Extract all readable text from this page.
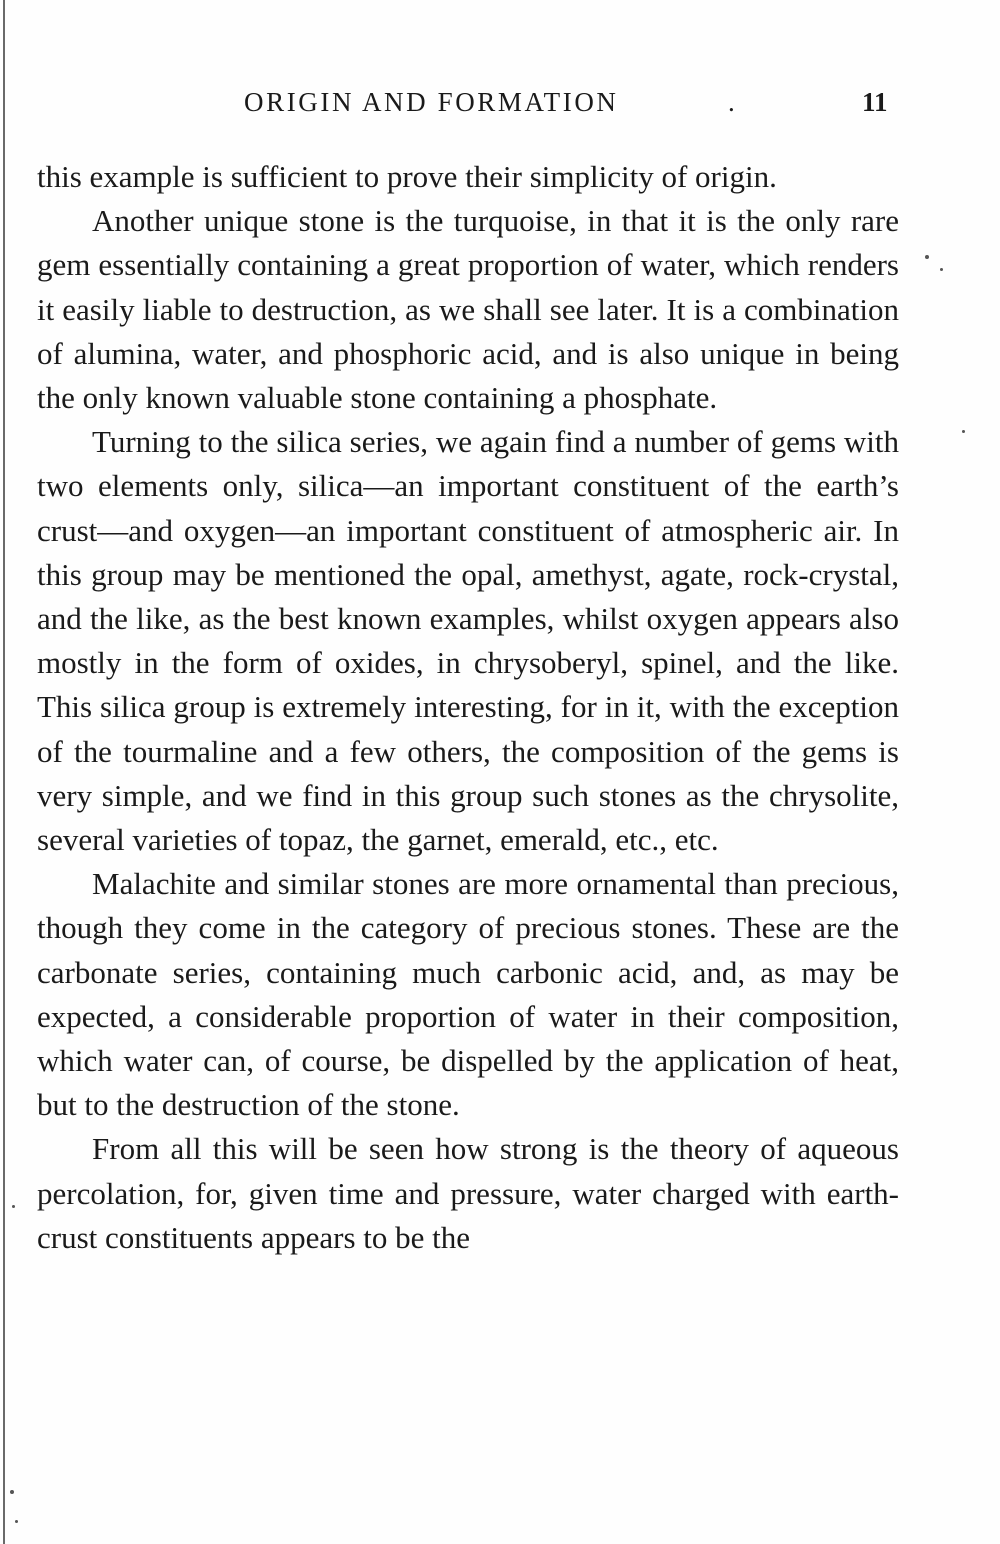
ORIGIN AND FORMATION	.	11

this example is sufficient to prove their simplicity of origin.

Another unique stone is the turquoise, in that it is the only rare gem essentially containing a great proportion of water, which renders it easily liable to destruction, as we shall see later. It is a combination of alumina, water, and phosphoric acid, and is also unique in being the only known valuable stone containing a phosphate.

Turning to the silica series, we again find a number of gems with two elements only, silica—an important constituent of the earth’s crust—and oxygen—an important constituent of atmospheric air. In this group may be mentioned the opal, amethyst, agate, rock-crystal, and the like, as the best known examples, whilst oxygen appears also mostly in the form of oxides, in chrysoberyl, spinel, and the like. This silica group is extremely interesting, for in it, with the exception of the tourmaline and a few others, the composition of the gems is very simple, and we find in this group such stones as the chrysolite, several varieties of topaz, the garnet, emerald, etc., etc.

Malachite and similar stones are more ornamental than precious, though they come in the category of precious stones. These are the carbonate series, containing much carbonic acid, and, as may be expected, a considerable proportion of water in their composition, which water can, of course, be dispelled by the application of heat, but to the destruction of the stone.

From all this will be seen how strong is the theory of aqueous percolation, for, given time and pressure, water charged with earth-crust constituents appears to be the
